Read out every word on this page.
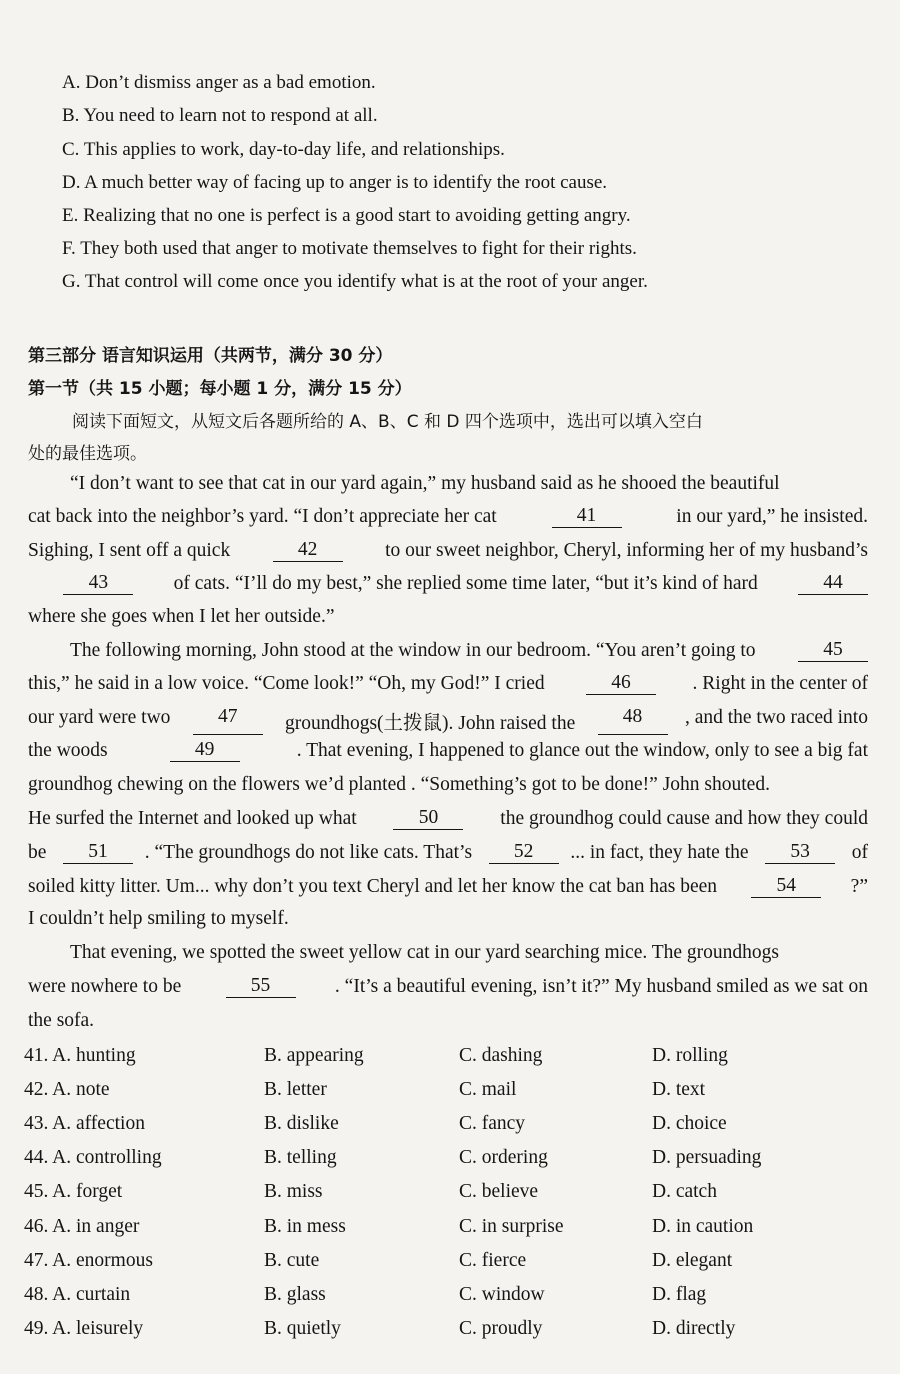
A. Don’t dismiss anger as a bad emotion.
B. You need to learn not to respond at all.
C. This applies to work, day-to-day life, and relationships.
D. A much better way of facing up to anger is to identify the root cause.
E. Realizing that no one is perfect is a good start to avoiding getting angry.
F. They both used that anger to motivate themselves to fight for their rights.
G. That control will come once you identify what is at the root of your anger.
第三部分 语言知识运用（共两节，满分 30 分）
第一节（共 15 小题；每小题 1 分，满分 15 分）
阅读下面短文，从短文后各题所给的 A、B、C 和 D 四个选项中，选出可以填入空白
处的最佳选项。
“I don’t want to see that cat in our yard again,” my husband said as he shooed the beautiful
cat back into the neighbor’s yard. “I don’t appreciate her cat	41	in our yard,” he insisted.
Sighing, I sent off a quick	42	to our sweet neighbor, Cheryl, informing her of my husband’s
43	of cats. “I’ll do my best,” she replied some time later, “but it’s kind of hard	44
where she goes when I let her outside.”
The following morning, John stood at the window in our bedroom. “You aren’t going to	45
this,” he said in a low voice. “Come look!” “Oh, my God!” I cried	46	. Right in the center of
our yard were two	47	groundhogs(土拨鼠). John raised the	48	, and the two raced into
the woods	49	. That evening, I happened to glance out the window, only to see a big fat
groundhog chewing on the flowers we’d planted . “Something’s got to be done!” John shouted.
He surfed the Internet and looked up what	50	the groundhog could cause and how they could
be	51	. “The groundhogs do not like cats. That’s	52	... in fact, they hate the	53	of
soiled kitty litter. Um... why don’t you text Cheryl and let her know the cat ban has been	54	?”
I couldn’t help smiling to myself.
That evening, we spotted the sweet yellow cat in our yard searching mice. The groundhogs
were nowhere to be	55	. “It’s a beautiful evening, isn’t it?” My husband smiled as we sat on
the sofa.
41. A. hunting	B. appearing	C. dashing	D. rolling
42. A. note	B. letter	C. mail	D. text
43. A. affection	B. dislike	C. fancy	D. choice
44. A. controlling	B. telling	C. ordering	D. persuading
45. A. forget	B. miss	C. believe	D. catch
46. A. in anger	B. in mess	C. in surprise	D. in caution
47. A. enormous	B. cute	C. fierce	D. elegant
48. A. curtain	B. glass	C. window	D. flag
49. A. leisurely	B. quietly	C. proudly	D. directly
